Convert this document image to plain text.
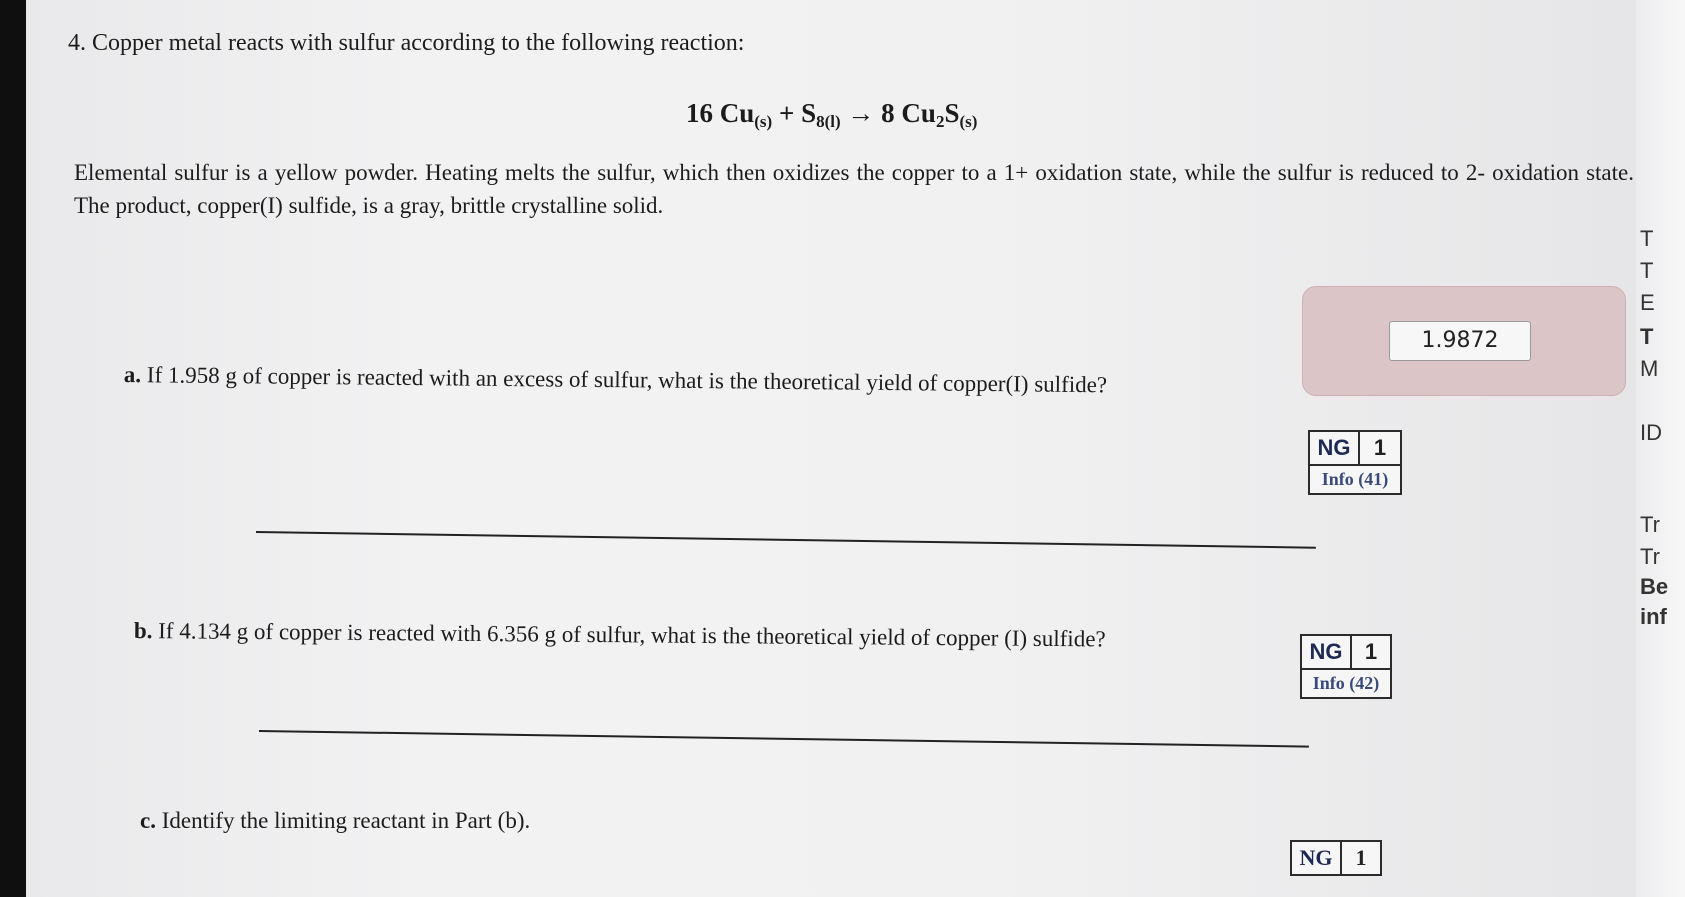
4. Copper metal reacts with sulfur according to the following reaction:
16 $Cu_{(s)} + S_{8(l)} \to 8$ $Cu_2S_{(s)}$
Elemental sulfur is a yellow powder. Heating melts the sulfur, which then oxidizes the copper to a 1+ oxidation state, while the sulfur is reduced to 2- oxidation state. The product, copper(I) sulfide, is a gray, brittle crystalline solid.
a. If 1.958 g of copper is reacted with an excess of sulfur, what is the theoretical yield of copper(I) sulfide?
1.9872
NG	1
Info (41)
b. If 4.134 g of copper is reacted with 6.356 g of sulfur, what is the theoretical yield of copper (I) sulfide?
NG	1
Info (42)
c. Identify the limiting reactant in Part (b).
NG	1
T
T
E
T
M
ID
Tr
Tr
Be
inf
